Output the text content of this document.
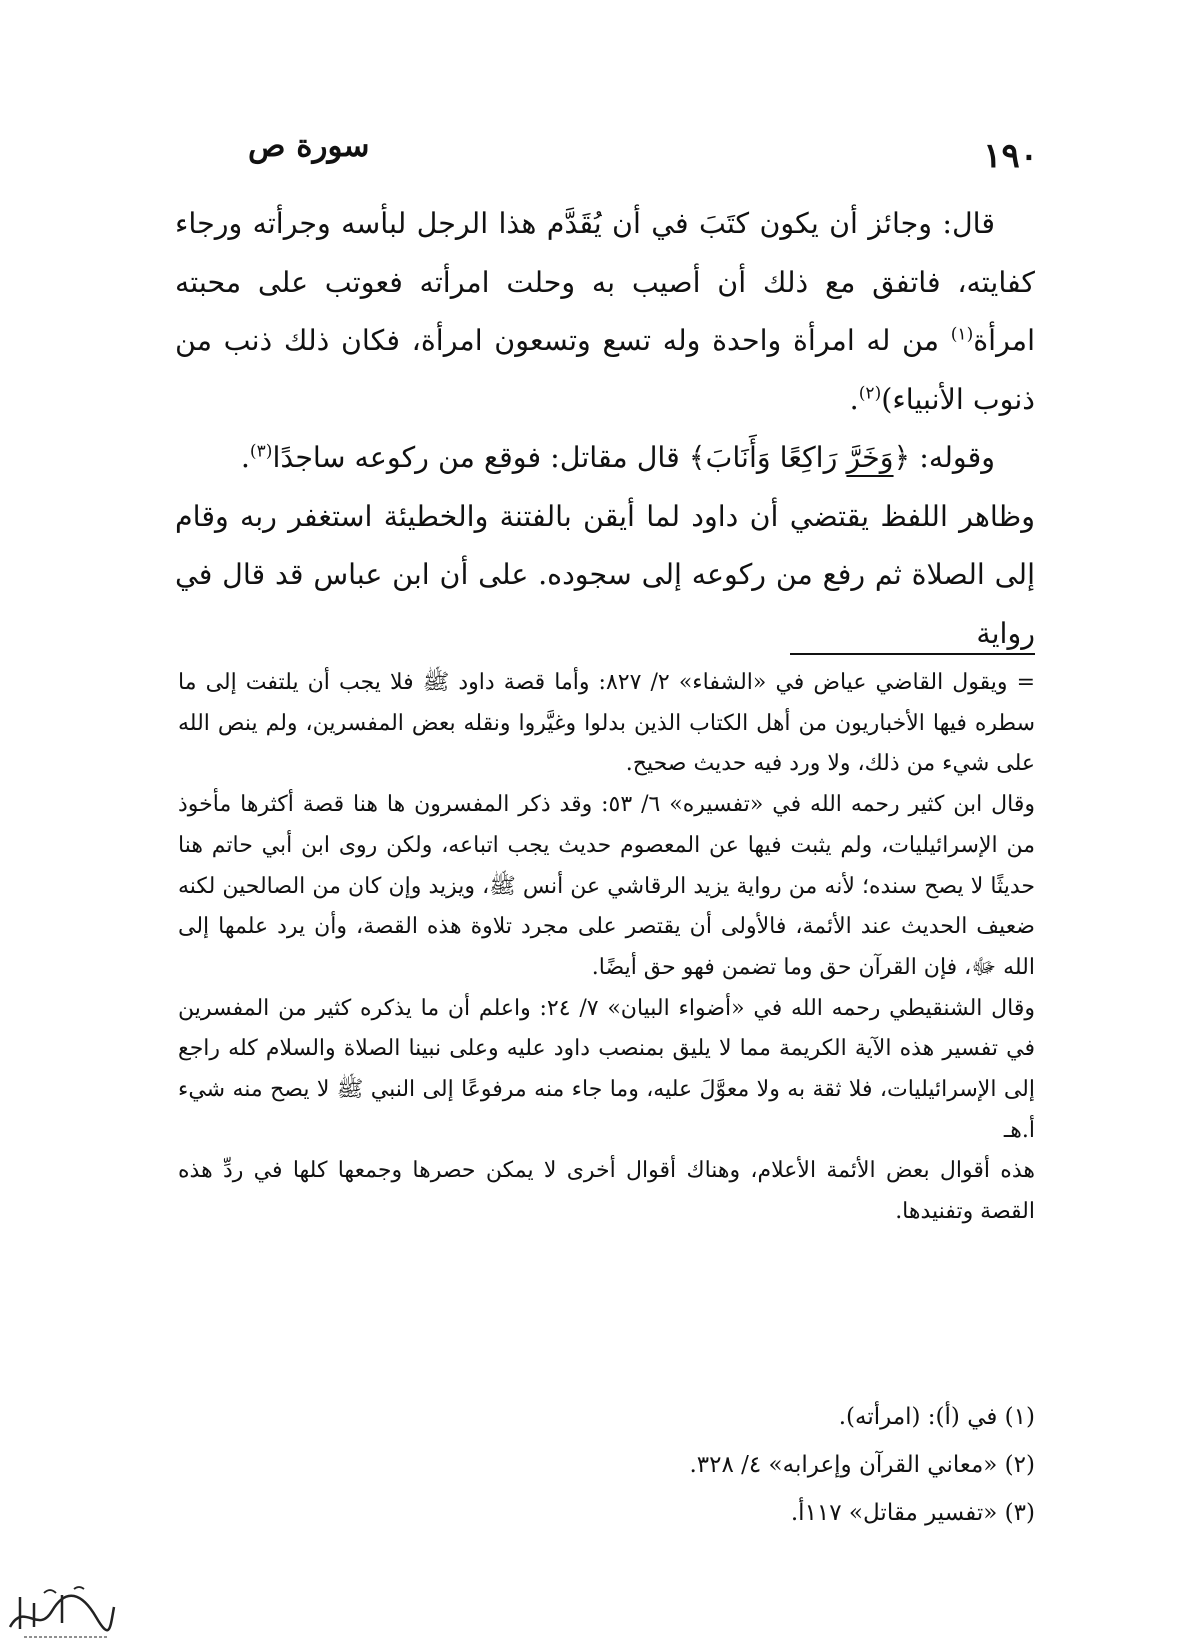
١٩٠
سورة ص

قال: وجائز أن يكون كتَبَ في أن يُقَدَّم هذا الرجل لبأسه وجرأته ورجاء كفايته، فاتفق مع ذلك أن أصيب به وحلت امرأته فعوتب على محبته امرأة$^{(١)}$ من له امرأة واحدة وله تسع وتسعون امرأة، فكان ذلك ذنب من ذنوب الأنبياء)$^{(٢)}$.

وقوله: ﴿وَخَرَّ رَاكِعًا وَأَنَابَ﴾ قال مقاتل: فوقع من ركوعه ساجدًا$^{(٣)}$.

وظاهر اللفظ يقتضي أن داود لما أيقن بالفتنة والخطيئة استغفر ربه وقام إلى الصلاة ثم رفع من ركوعه إلى سجوده. على أن ابن عباس قد قال في رواية

= ويقول القاضي عياض في «الشفاء» ٢/ ٨٢٧: وأما قصة داود ﷺ فلا يجب أن يلتفت إلى ما سطره فيها الأخباريون من أهل الكتاب الذين بدلوا وغيَّروا ونقله بعض المفسرين، ولم ينص الله على شيء من ذلك، ولا ورد فيه حديث صحيح.

وقال ابن كثير رحمه الله في «تفسيره» ٦/ ٥٣: وقد ذكر المفسرون ها هنا قصة أكثرها مأخوذ من الإسرائيليات، ولم يثبت فيها عن المعصوم حديث يجب اتباعه، ولكن روى ابن أبي حاتم هنا حديثًا لا يصح سنده؛ لأنه من رواية يزيد الرقاشي عن أنس ﷺ، ويزيد وإن كان من الصالحين لكنه ضعيف الحديث عند الأئمة، فالأولى أن يقتصر على مجرد تلاوة هذه القصة، وأن يرد علمها إلى الله ﷻ، فإن القرآن حق وما تضمن فهو حق أيضًا.

وقال الشنقيطي رحمه الله في «أضواء البيان» ٧/ ٢٤: واعلم أن ما يذكره كثير من المفسرين في تفسير هذه الآية الكريمة مما لا يليق بمنصب داود عليه وعلى نبينا الصلاة والسلام كله راجع إلى الإسرائيليات، فلا ثقة به ولا معوَّلَ عليه، وما جاء منه مرفوعًا إلى النبي ﷺ لا يصح منه شيء أ.هـ

هذه أقوال بعض الأئمة الأعلام، وهناك أقوال أخرى لا يمكن حصرها وجمعها كلها في ردِّ هذه القصة وتفنيدها.

(١) في (أ): (امرأته).

(٢) «معاني القرآن وإعرابه» ٤/ ٣٢٨.

(٣) «تفسير مقاتل» ١١٧أ.
